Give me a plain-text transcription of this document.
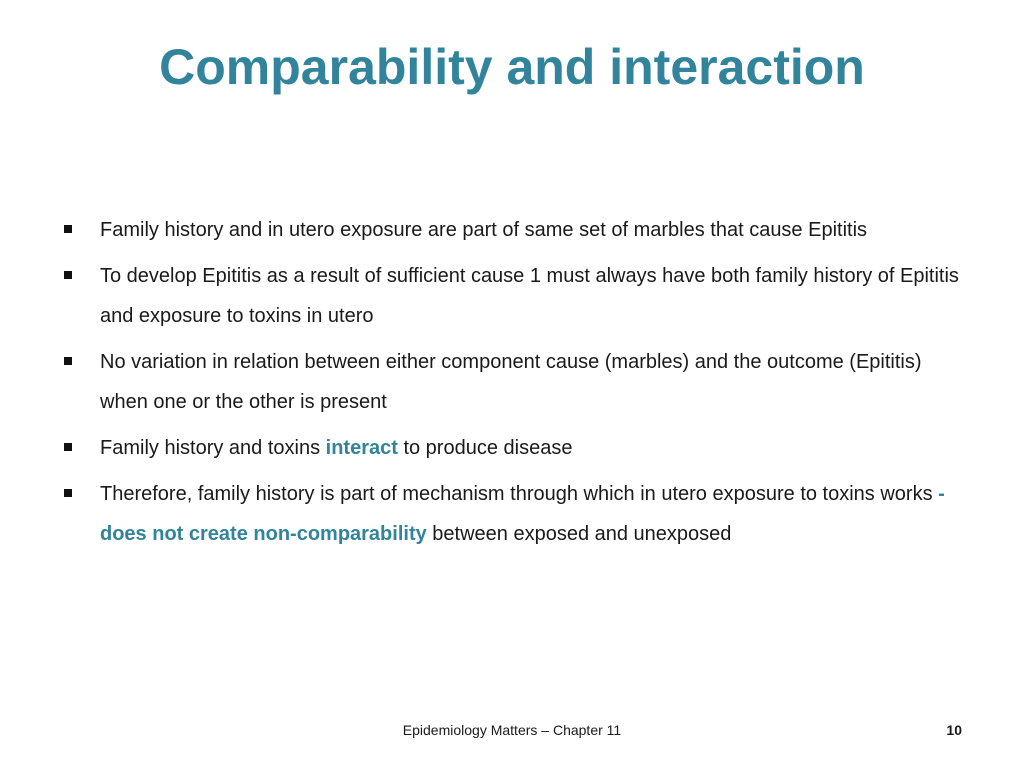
Comparability and interaction
Family history and in utero exposure are part of same set of marbles that cause Epititis
To develop Epititis as a result of sufficient cause 1 must always have both family history of Epititis and exposure to toxins in utero
No variation in relation between either component cause (marbles) and the outcome (Epititis) when one or the other is present
Family history and toxins interact to produce disease
Therefore, family history is part of mechanism through which in utero exposure to toxins works - does not create non-comparability between exposed and unexposed
Epidemiology Matters – Chapter 11	10
